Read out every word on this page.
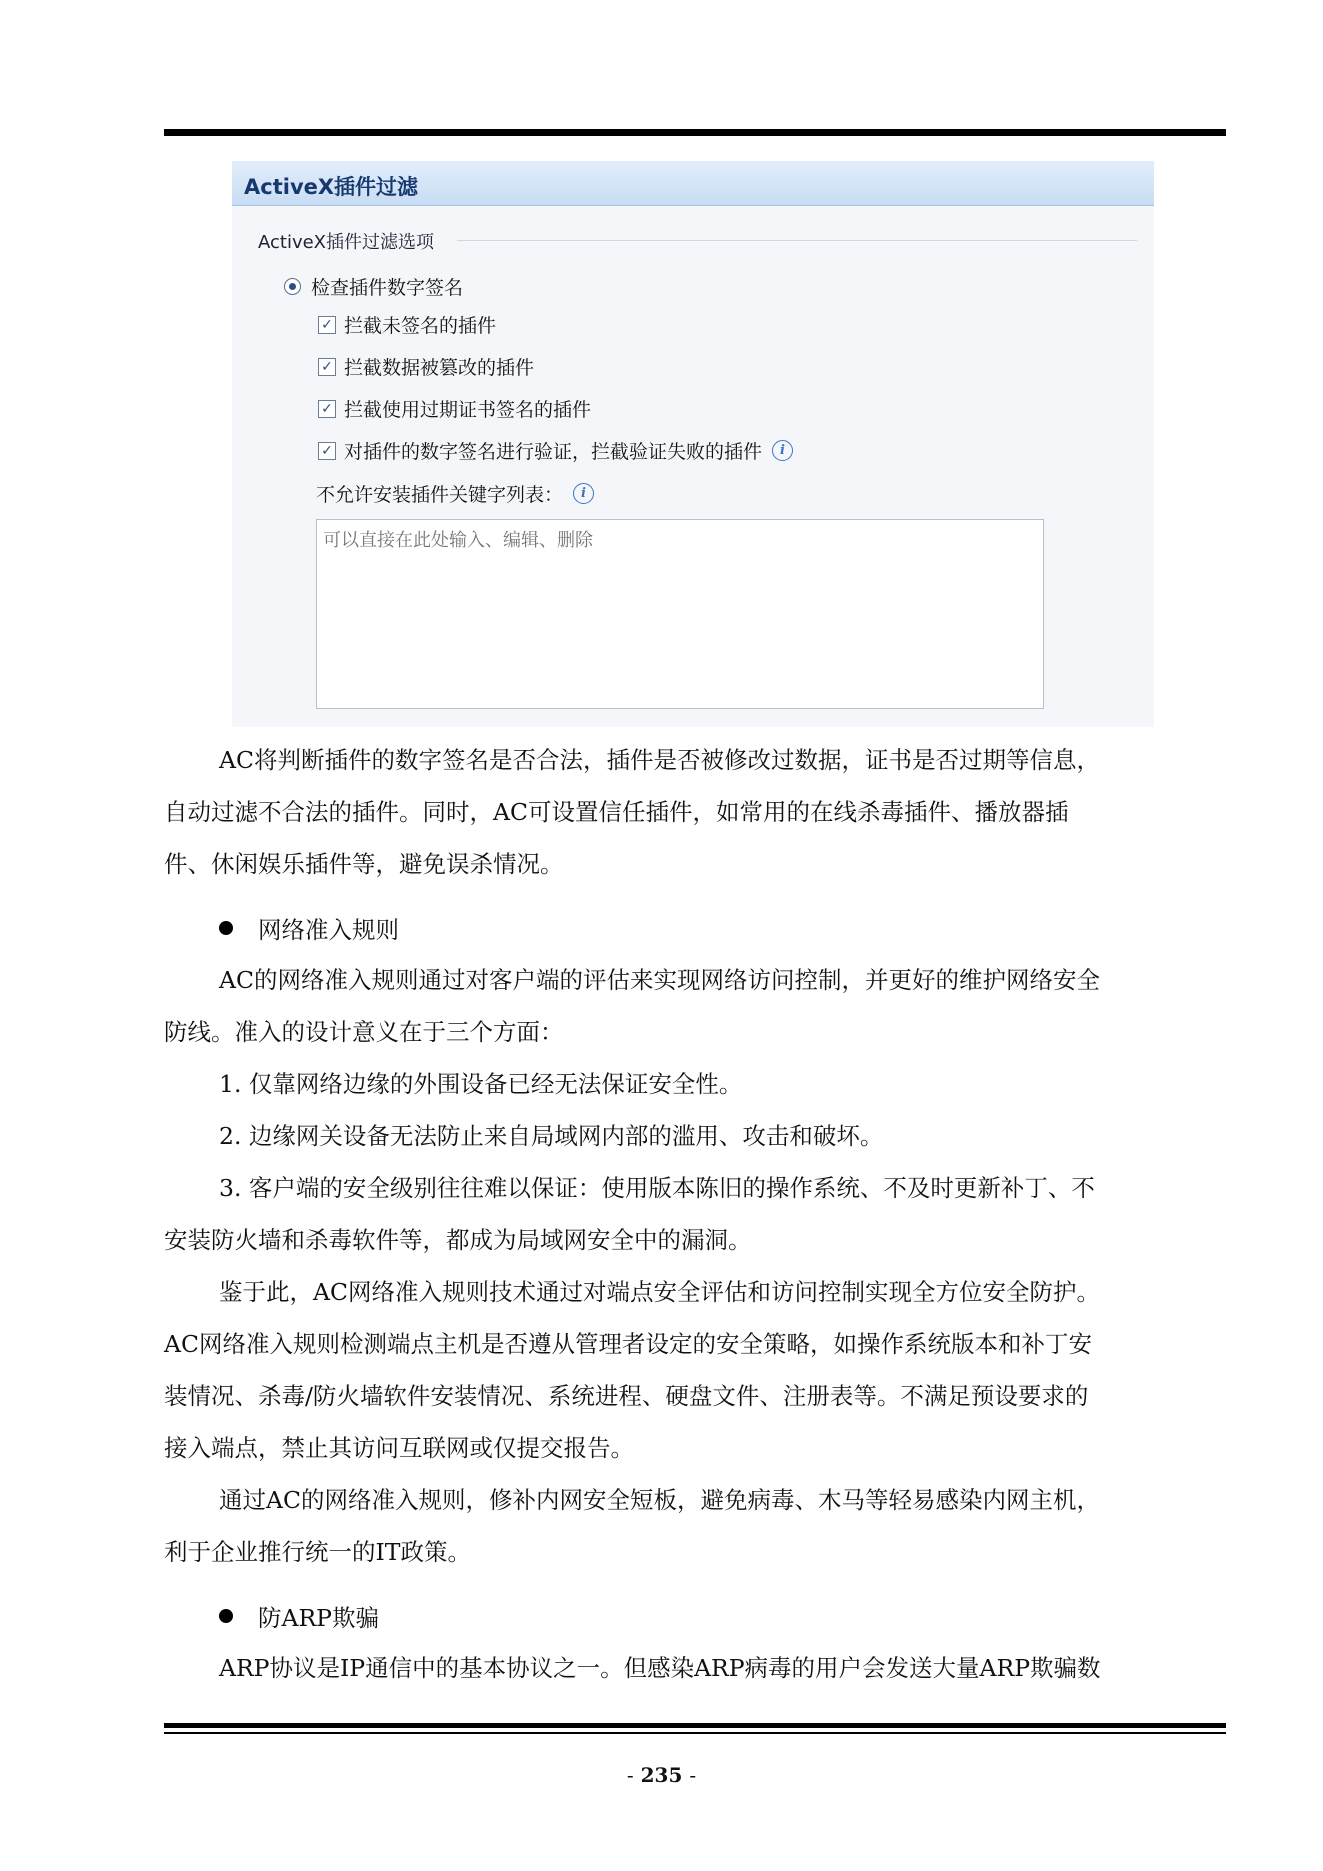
ActiveX插件过滤
ActiveX插件过滤选项
检查插件数字签名
✓ 拦截未签名的插件
✓ 拦截数据被篡改的插件
✓ 拦截使用过期证书签名的插件
✓ 对插件的数字签名进行验证，拦截验证失败的插件	i
不允许安装插件关键字列表：	i
可以直接在此处输入、编辑、删除
AC将判断插件的数字签名是否合法，插件是否被修改过数据，证书是否过期等信息，
自动过滤不合法的插件。同时，AC可设置信任插件，如常用的在线杀毒插件、播放器插
件、休闲娱乐插件等，避免误杀情况。
网络准入规则
AC的网络准入规则通过对客户端的评估来实现网络访问控制，并更好的维护网络安全
防线。准入的设计意义在于三个方面：
1. 仅靠网络边缘的外围设备已经无法保证安全性。
2. 边缘网关设备无法防止来自局域网内部的滥用、攻击和破坏。
3. 客户端的安全级别往往难以保证：使用版本陈旧的操作系统、不及时更新补丁、不
安装防火墙和杀毒软件等，都成为局域网安全中的漏洞。
鉴于此，AC网络准入规则技术通过对端点安全评估和访问控制实现全方位安全防护。
AC网络准入规则检测端点主机是否遵从管理者设定的安全策略，如操作系统版本和补丁安
装情况、杀毒/防火墙软件安装情况、系统进程、硬盘文件、注册表等。不满足预设要求的
接入端点，禁止其访问互联网或仅提交报告。
通过AC的网络准入规则，修补内网安全短板，避免病毒、木马等轻易感染内网主机，
利于企业推行统一的IT政策。
防ARP欺骗
ARP协议是IP通信中的基本协议之一。但感染ARP病毒的用户会发送大量ARP欺骗数
- 235 -
